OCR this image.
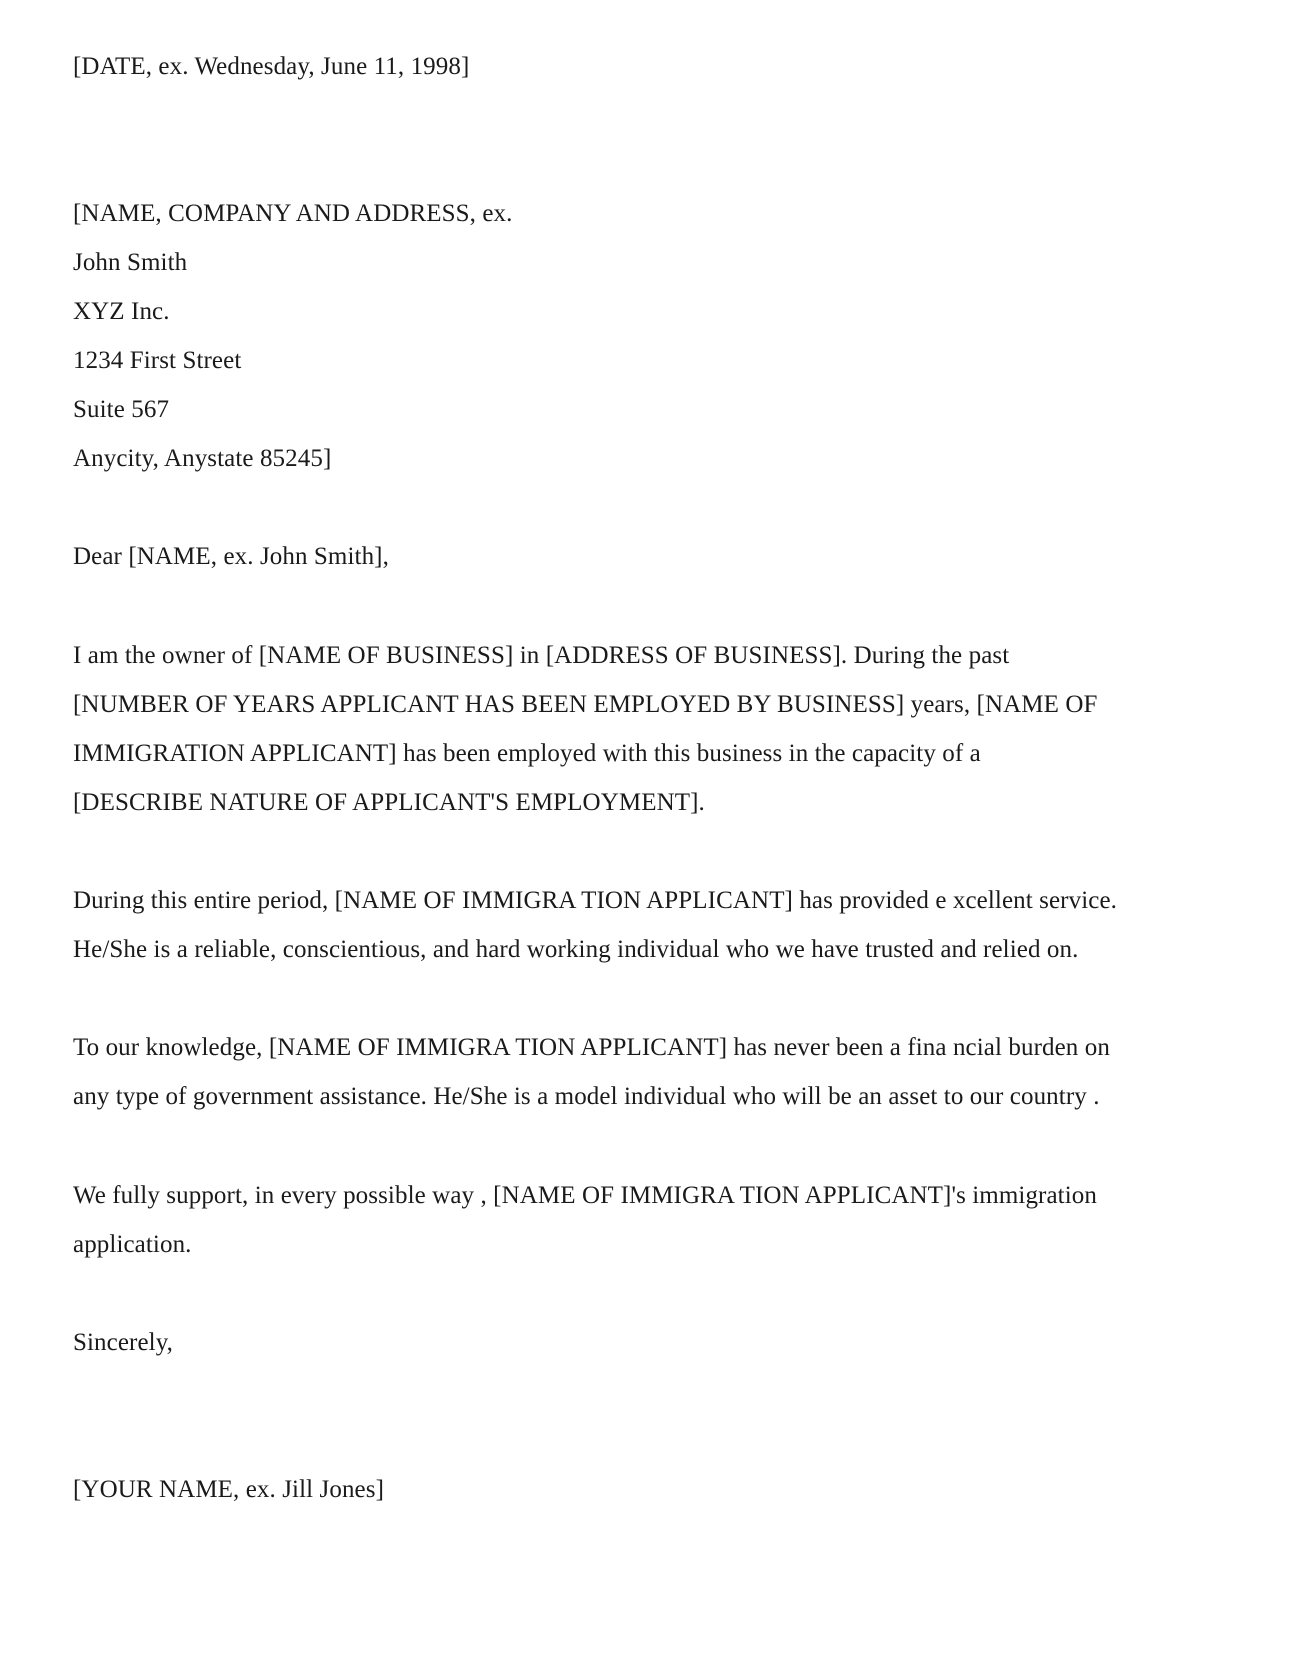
[DATE, ex. Wednesday, June 11, 1998]
[NAME, COMPANY AND ADDRESS, ex.
John Smith
XYZ Inc.
1234 First Street
Suite 567
Anycity, Anystate 85245]
Dear [NAME, ex. John Smith],
I am the owner of [NAME OF BUSINESS] in [ADDRESS OF BUSINESS]. During the past
[NUMBER OF YEARS APPLICANT HAS BEEN EMPLOYED BY BUSINESS] years, [NAME OF
IMMIGRATION APPLICANT] has been employed with this business in the capacity of a
[DESCRIBE NATURE OF APPLICANT'S EMPLOYMENT].
During this entire period, [NAME OF IMMIGRA TION APPLICANT] has provided e xcellent service.
He/She is a reliable, conscientious, and hard working individual who we have trusted and relied on.
To our knowledge, [NAME OF IMMIGRA TION APPLICANT] has never been a fina ncial burden on
any type of government assistance. He/She is a model individual who will be an asset to our country .
We fully support, in every possible way , [NAME OF IMMIGRA TION APPLICANT]'s immigration
application.
Sincerely,
[YOUR NAME, ex. Jill Jones]
